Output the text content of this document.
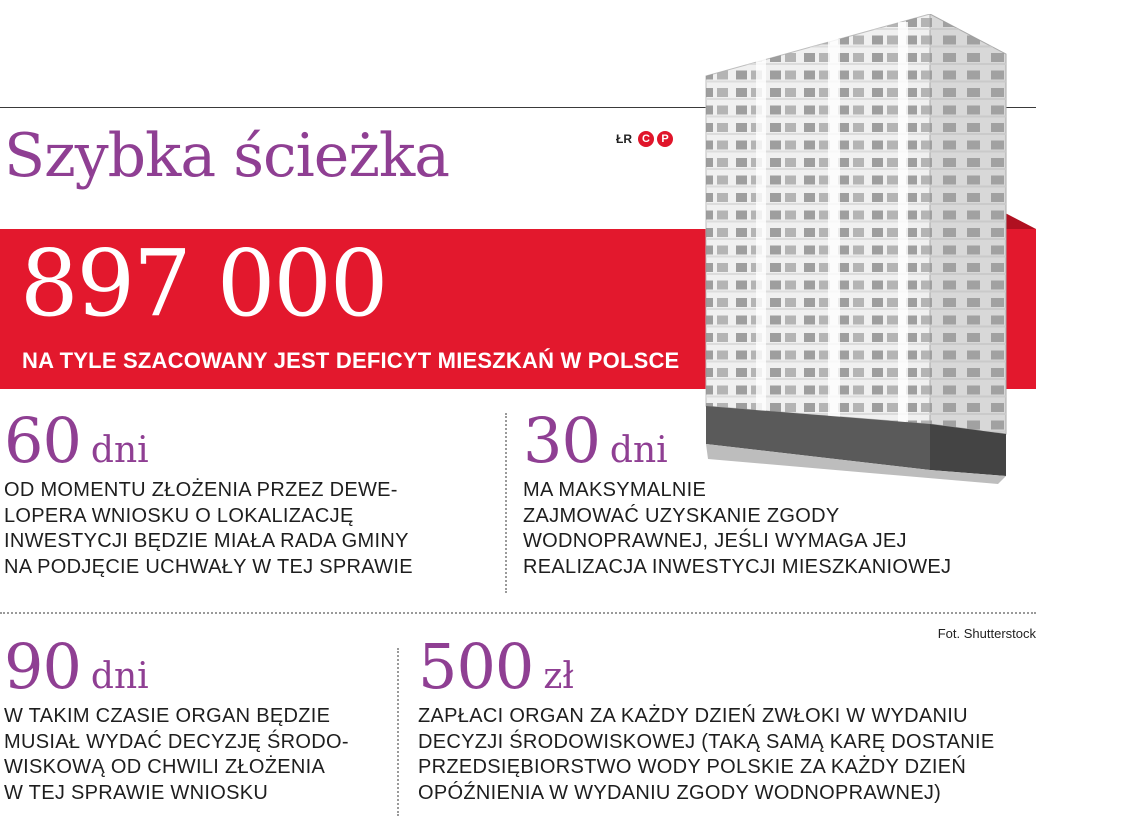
Szybka ścieżka	ŁR C	P
897 000
NA TYLE SZACOWANY JEST DEFICYT MIESZKAŃ W POLSCE
60 dni
OD MOMENTU ZŁOŻENIA PRZEZ DEWE-
LOPERA WNIOSKU O LOKALIZACJĘ
INWESTYCJI BĘDZIE MIAŁA RADA GMINY
NA PODJĘCIE UCHWAŁY W TEJ SPRAWIE
30 dni
MA MAKSYMALNIE
ZAJMOWAĆ UZYSKANIE ZGODY
WODNOPRAWNEJ, JEŚLI WYMAGA JEJ
REALIZACJA INWESTYCJI MIESZKANIOWEJ
90 dni
W TAKIM CZASIE ORGAN BĘDZIE
MUSIAŁ WYDAĆ DECYZJĘ ŚRODO-
WISKOWĄ OD CHWILI ZŁOŻENIA
W TEJ SPRAWIE WNIOSKU
500 zł
ZAPŁACI ORGAN ZA KAŻDY DZIEŃ ZWŁOKI W WYDANIU
DECYZJI ŚRODOWISKOWEJ (TAKĄ SAMĄ KARĘ DOSTANIE
PRZEDSIĘBIORSTWO WODY POLSKIE ZA KAŻDY DZIEŃ
OPÓŹNIENIA W WYDANIU ZGODY WODNOPRAWNEJ)
Fot. Shutterstock
